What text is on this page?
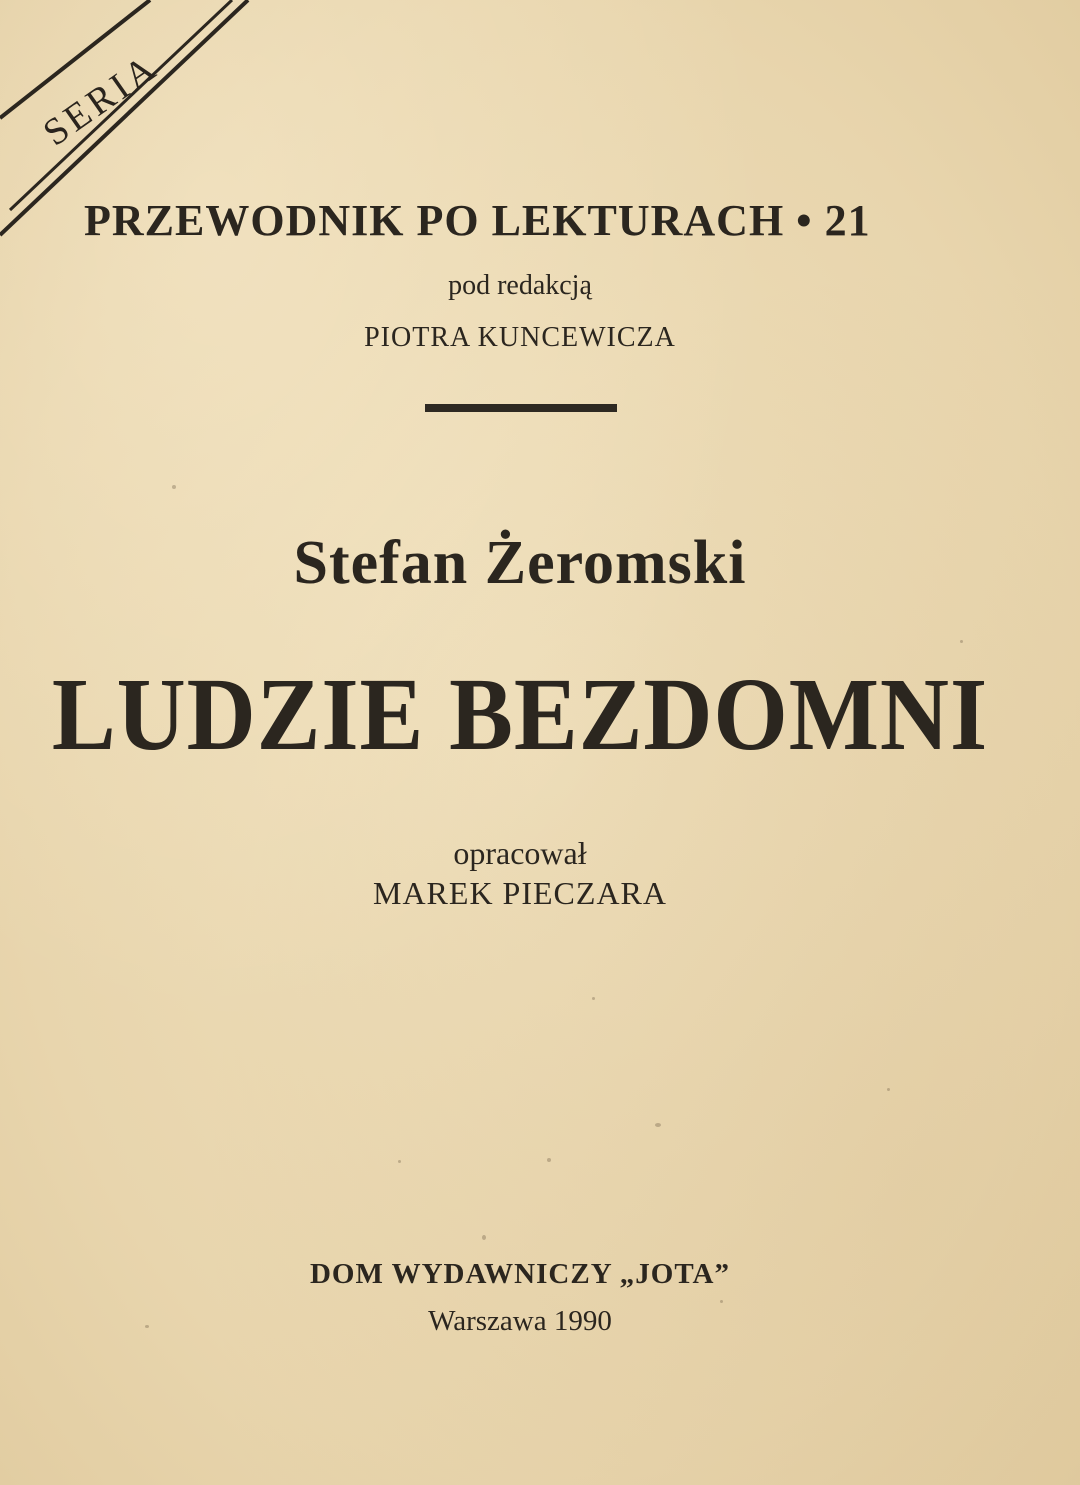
SERIA
PRZEWODNIK PO LEKTURACH • 21
pod redakcją
PIOTRA KUNCEWICZA
Stefan Żeromski
LUDZIE BEZDOMNI
opracował
MAREK PIECZARA
DOM WYDAWNICZY „JOTA”
Warszawa 1990
